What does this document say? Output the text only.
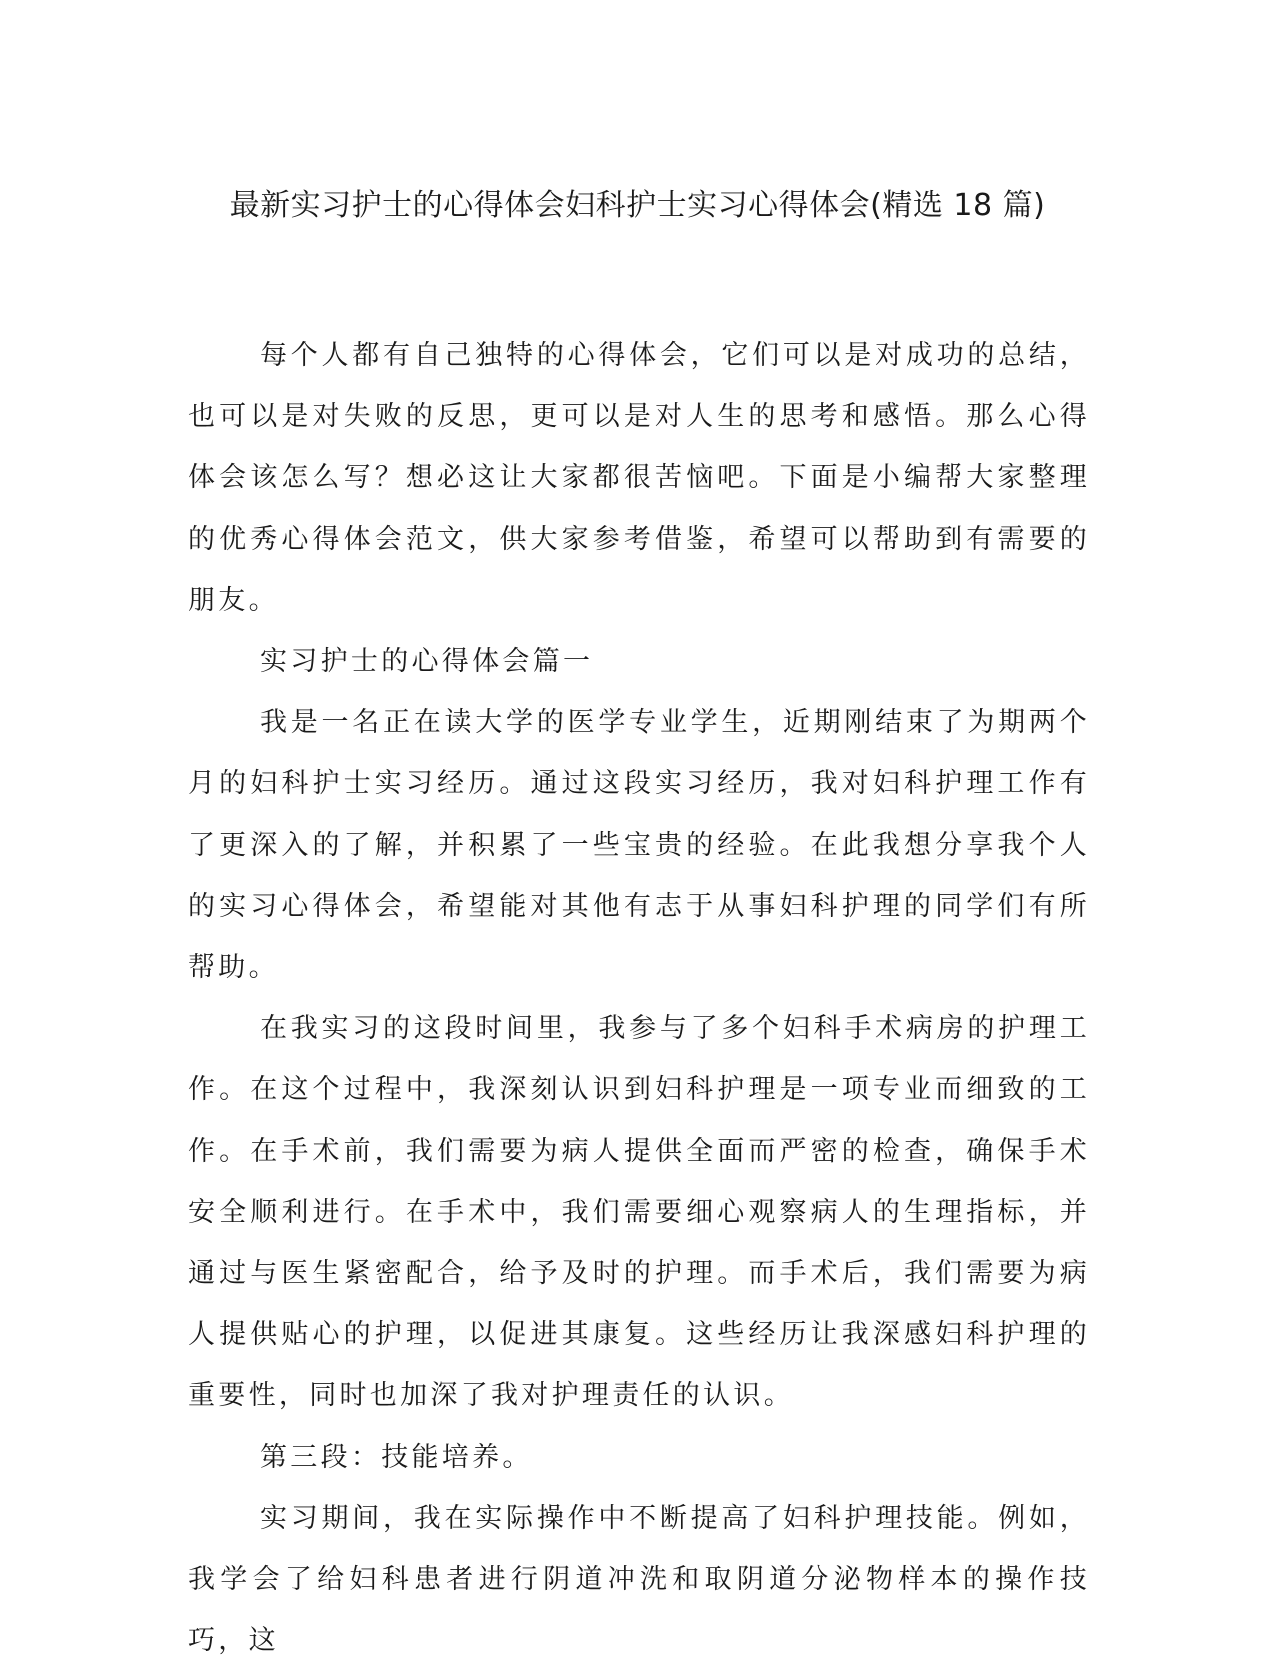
最新实习护士的心得体会妇科护士实习心得体会(精选 18 篇)

每个人都有自己独特的心得体会，它们可以是对成功的总结，也可以是对失败的反思，更可以是对人生的思考和感悟。那么心得体会该怎么写？想必这让大家都很苦恼吧。下面是小编帮大家整理的优秀心得体会范文，供大家参考借鉴，希望可以帮助到有需要的朋友。

实习护士的心得体会篇一

我是一名正在读大学的医学专业学生，近期刚结束了为期两个月的妇科护士实习经历。通过这段实习经历，我对妇科护理工作有了更深入的了解，并积累了一些宝贵的经验。在此我想分享我个人的实习心得体会，希望能对其他有志于从事妇科护理的同学们有所帮助。

在我实习的这段时间里，我参与了多个妇科手术病房的护理工作。在这个过程中，我深刻认识到妇科护理是一项专业而细致的工作。在手术前，我们需要为病人提供全面而严密的检查，确保手术安全顺利进行。在手术中，我们需要细心观察病人的生理指标，并通过与医生紧密配合，给予及时的护理。而手术后，我们需要为病人提供贴心的护理，以促进其康复。这些经历让我深感妇科护理的重要性，同时也加深了我对护理责任的认识。

第三段：技能培养。

实习期间，我在实际操作中不断提高了妇科护理技能。例如，我学会了给妇科患者进行阴道冲洗和取阴道分泌物样本的操作技巧，这
